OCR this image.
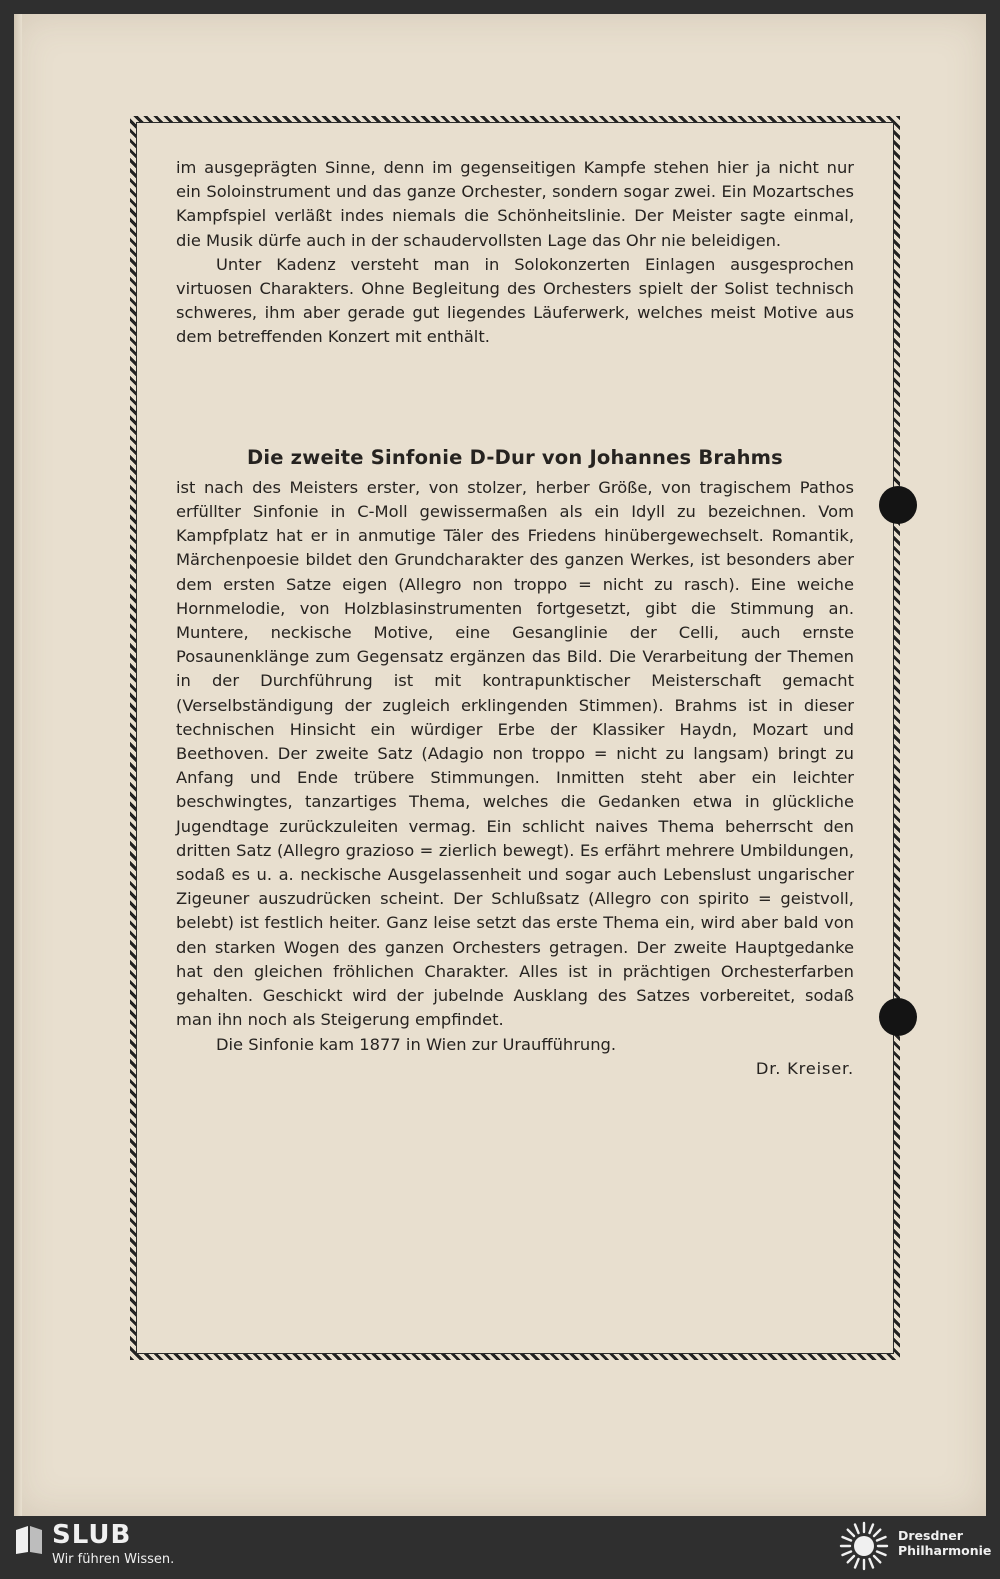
im ausgeprägten Sinne, denn im gegenseitigen Kampfe stehen hier ja nicht nur ein Soloinstrument und das ganze Orchester, sondern sogar zwei. Ein Mozartsches Kampfspiel verläßt indes niemals die Schönheitslinie. Der Meister sagte einmal, die Musik dürfe auch in der schaudervollsten Lage das Ohr nie beleidigen.

Unter Kadenz versteht man in Solokonzerten Einlagen ausgesprochen virtuosen Charakters. Ohne Begleitung des Orchesters spielt der Solist technisch schweres, ihm aber gerade gut liegendes Läuferwerk, welches meist Motive aus dem betreffenden Konzert mit enthält.

Die zweite Sinfonie D-Dur von Johannes Brahms

ist nach des Meisters erster, von stolzer, herber Größe, von tragischem Pathos erfüllter Sinfonie in C-Moll gewissermaßen als ein Idyll zu bezeichnen. Vom Kampfplatz hat er in anmutige Täler des Friedens hinübergewechselt. Romantik, Märchenpoesie bildet den Grundcharakter des ganzen Werkes, ist besonders aber dem ersten Satze eigen (Allegro non troppo = nicht zu rasch). Eine weiche Hornmelodie, von Holzblasinstrumenten fortgesetzt, gibt die Stimmung an. Muntere, neckische Motive, eine Gesanglinie der Celli, auch ernste Posaunenklänge zum Gegensatz ergänzen das Bild. Die Verarbeitung der Themen in der Durchführung ist mit kontrapunktischer Meisterschaft gemacht (Verselbständigung der zugleich erklingenden Stimmen). Brahms ist in dieser technischen Hinsicht ein würdiger Erbe der Klassiker Haydn, Mozart und Beethoven. Der zweite Satz (Adagio non troppo = nicht zu langsam) bringt zu Anfang und Ende trübere Stimmungen. Inmitten steht aber ein leichter beschwingtes, tanzartiges Thema, welches die Gedanken etwa in glückliche Jugendtage zurückzuleiten vermag. Ein schlicht naives Thema beherrscht den dritten Satz (Allegro grazioso = zierlich bewegt). Es erfährt mehrere Umbildungen, sodaß es u. a. neckische Ausgelassenheit und sogar auch Lebenslust ungarischer Zigeuner auszudrücken scheint. Der Schlußsatz (Allegro con spirito = geistvoll, belebt) ist festlich heiter. Ganz leise setzt das erste Thema ein, wird aber bald von den starken Wogen des ganzen Orchesters getragen. Der zweite Hauptgedanke hat den gleichen fröhlichen Charakter. Alles ist in prächtigen Orchesterfarben gehalten. Geschickt wird der jubelnde Ausklang des Satzes vorbereitet, sodaß man ihn noch als Steigerung empfindet.

Die Sinfonie kam 1877 in Wien zur Uraufführung.

Dr. Kreiser.

SLUB
Wir führen Wissen.
Dresdner
Philharmonie
